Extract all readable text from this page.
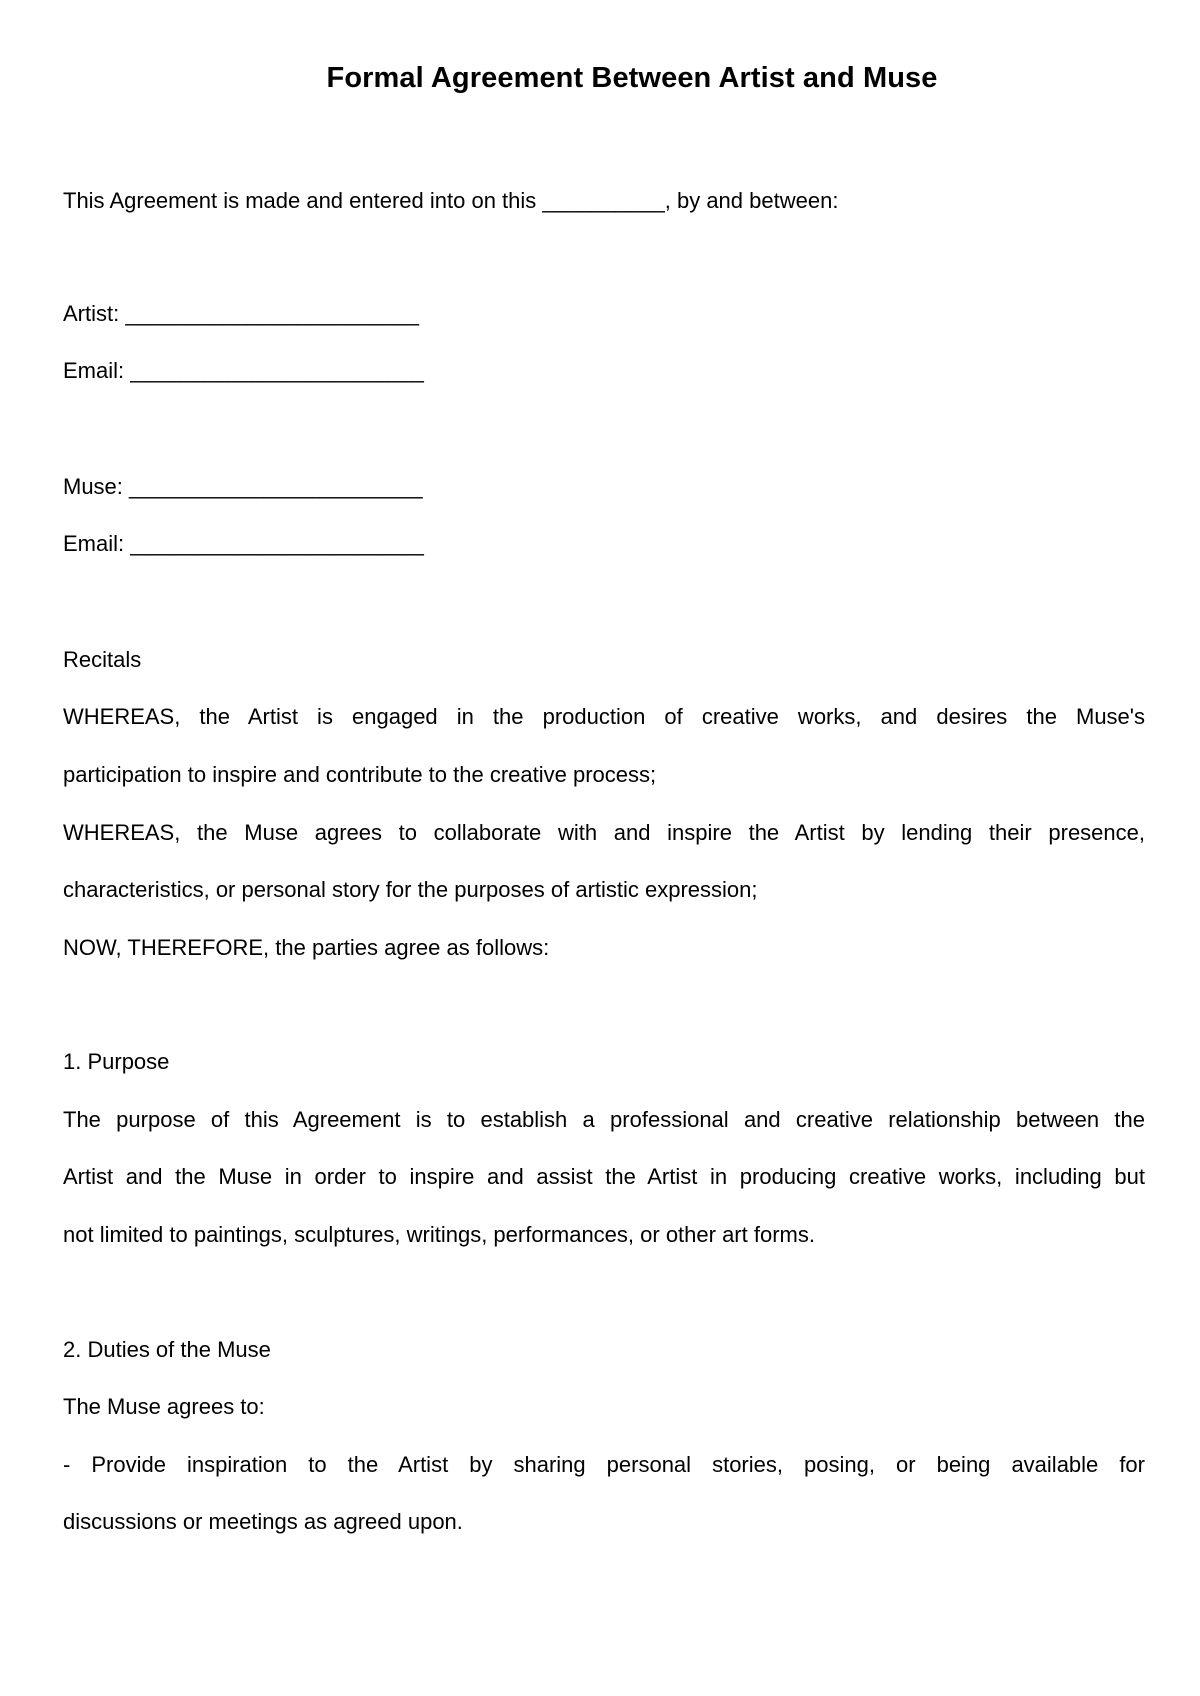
Formal Agreement Between Artist and Muse

This Agreement is made and entered into on this __________, by and between:

Artist: ________________________

Email: ________________________

Muse: ________________________

Email: ________________________

Recitals

WHEREAS, the Artist is engaged in the production of creative works, and desires the Muse's

participation to inspire and contribute to the creative process;

WHEREAS, the Muse agrees to collaborate with and inspire the Artist by lending their presence,

characteristics, or personal story for the purposes of artistic expression;

NOW, THEREFORE, the parties agree as follows:

1. Purpose

The purpose of this Agreement is to establish a professional and creative relationship between the

Artist and the Muse in order to inspire and assist the Artist in producing creative works, including but

not limited to paintings, sculptures, writings, performances, or other art forms.

2. Duties of the Muse

The Muse agrees to:

- Provide inspiration to the Artist by sharing personal stories, posing, or being available for

discussions or meetings as agreed upon.
